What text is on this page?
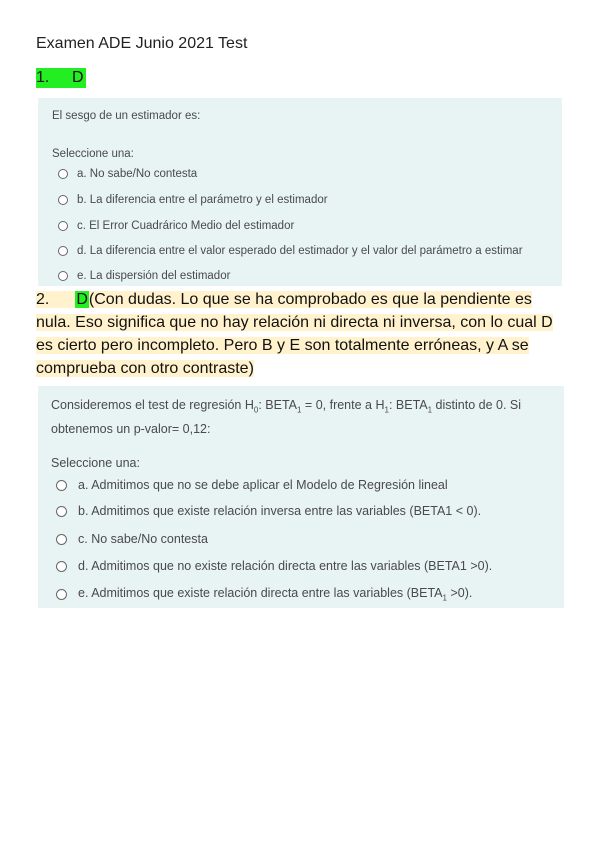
Examen ADE Junio 2021 Test
1. D
El sesgo de un estimador es:
Seleccione una:
a. No sabe/No contesta
b. La diferencia entre el parámetro y el estimador
c. El Error Cuadrárico Medio del estimador
d. La diferencia entre el valor esperado del estimador y el valor del parámetro a estimar
e. La dispersión del estimador
2. D(Con dudas. Lo que se ha comprobado es que la pendiente es nula. Eso significa que no hay relación ni directa ni inversa, con lo cual D es cierto pero incompleto. Pero B y E son totalmente erróneas, y A se comprueba con otro contraste)
Consideremos el test de regresión $H_0$: $BETA_1 = 0$, frente a $H_1$: $BETA_1$ distinto de 0. Si obtenemos un p-valor= 0,12:
Seleccione una:
a. Admitimos que no se debe aplicar el Modelo de Regresión lineal
b. Admitimos que existe relación inversa entre las variables (BETA1 < 0).
c. No sabe/No contesta
d. Admitimos que no existe relación directa entre las variables (BETA1 >0).
e. Admitimos que existe relación directa entre las variables $(BETA_1 >0)$.
